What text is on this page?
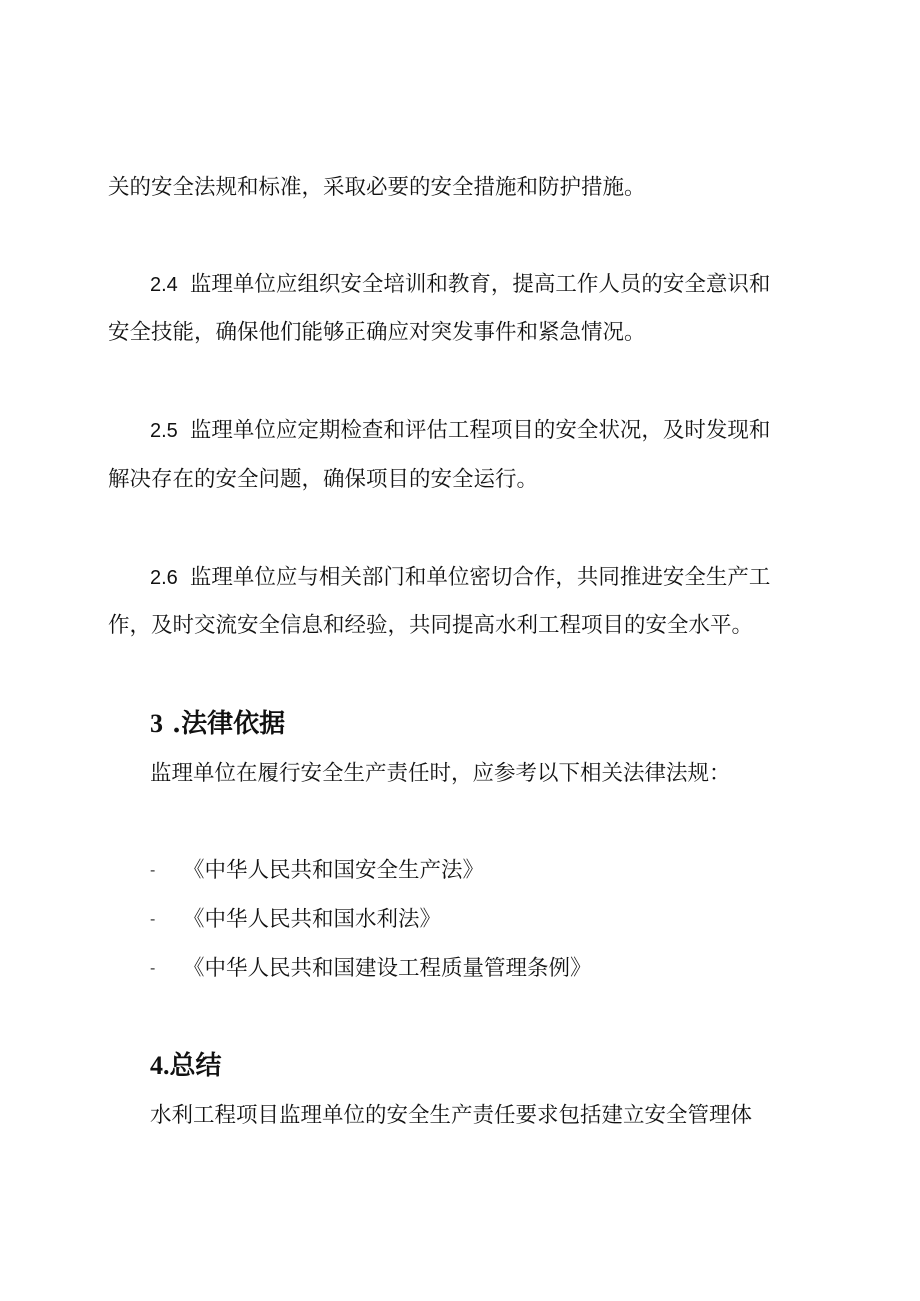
关的安全法规和标准，采取必要的安全措施和防护措施。
2.4 监理单位应组织安全培训和教育，提高工作人员的安全意识和
安全技能，确保他们能够正确应对突发事件和紧急情况。
2.5 监理单位应定期检查和评估工程项目的安全状况，及时发现和
解决存在的安全问题，确保项目的安全运行。
2.6 监理单位应与相关部门和单位密切合作，共同推进安全生产工
作，及时交流安全信息和经验，共同提高水利工程项目的安全水平。
3 .法律依据
监理单位在履行安全生产责任时，应参考以下相关法律法规：
- 《中华人民共和国安全生产法》
- 《中华人民共和国水利法》
- 《中华人民共和国建设工程质量管理条例》
4.总结
水利工程项目监理单位的安全生产责任要求包括建立安全管理体
